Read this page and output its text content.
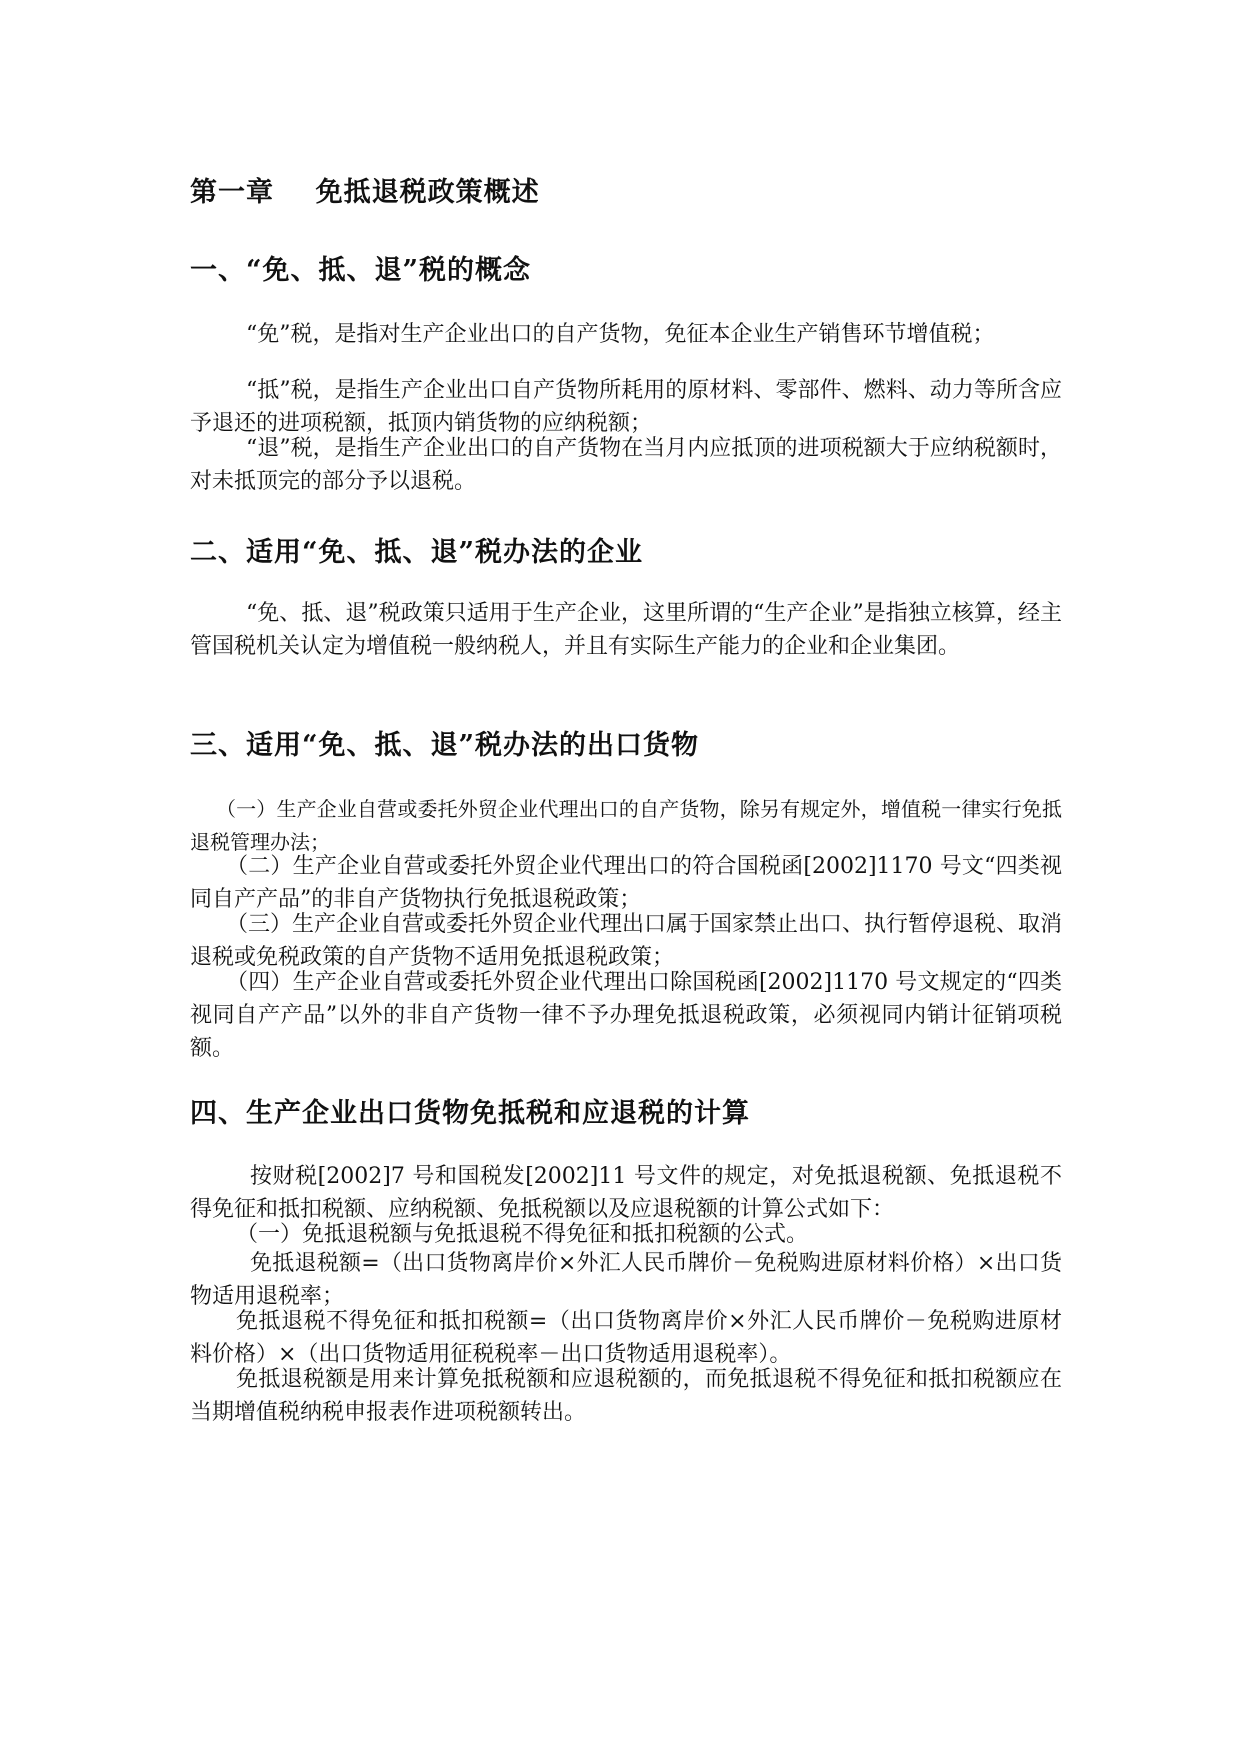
第一章    免抵退税政策概述
一、“免、抵、退”税的概念

“免”税，是指对生产企业出口的自产货物，免征本企业生产销售环节增值税；

“抵”税，是指生产企业出口自产货物所耗用的原材料、零部件、燃料、动力等所含应予退还的进项税额，抵顶内销货物的应纳税额；

“退”税，是指生产企业出口的自产货物在当月内应抵顶的进项税额大于应纳税额时，对未抵顶完的部分予以退税。

二、适用“免、抵、退”税办法的企业

“免、抵、退”税政策只适用于生产企业，这里所谓的“生产企业”是指独立核算，经主管国税机关认定为增值税一般纳税人，并且有实际生产能力的企业和企业集团。

三、适用“免、抵、退”税办法的出口货物

（一）生产企业自营或委托外贸企业代理出口的自产货物，除另有规定外，增值税一律实行免抵退税管理办法；

（二）生产企业自营或委托外贸企业代理出口的符合国税函[2002]1170 号文“四类视同自产产品”的非自产货物执行免抵退税政策；

（三）生产企业自营或委托外贸企业代理出口属于国家禁止出口、执行暂停退税、取消退税或免税政策的自产货物不适用免抵退税政策；

（四）生产企业自营或委托外贸企业代理出口除国税函[2002]1170 号文规定的“四类视同自产产品”以外的非自产货物一律不予办理免抵退税政策，必须视同内销计征销项税额。

四、生产企业出口货物免抵税和应退税的计算

按财税[2002]7 号和国税发[2002]11 号文件的规定，对免抵退税额、免抵退税不得免征和抵扣税额、应纳税额、免抵税额以及应退税额的计算公式如下：

（一）免抵退税额与免抵退税不得免征和抵扣税额的公式。

免抵退税额=（出口货物离岸价×外汇人民币牌价－免税购进原材料价格）×出口货物适用退税率；

免抵退税不得免征和抵扣税额=（出口货物离岸价×外汇人民币牌价－免税购进原材料价格）×（出口货物适用征税税率－出口货物适用退税率）。

免抵退税额是用来计算免抵税额和应退税额的，而免抵退税不得免征和抵扣税额应在当期增值税纳税申报表作进项税额转出。
